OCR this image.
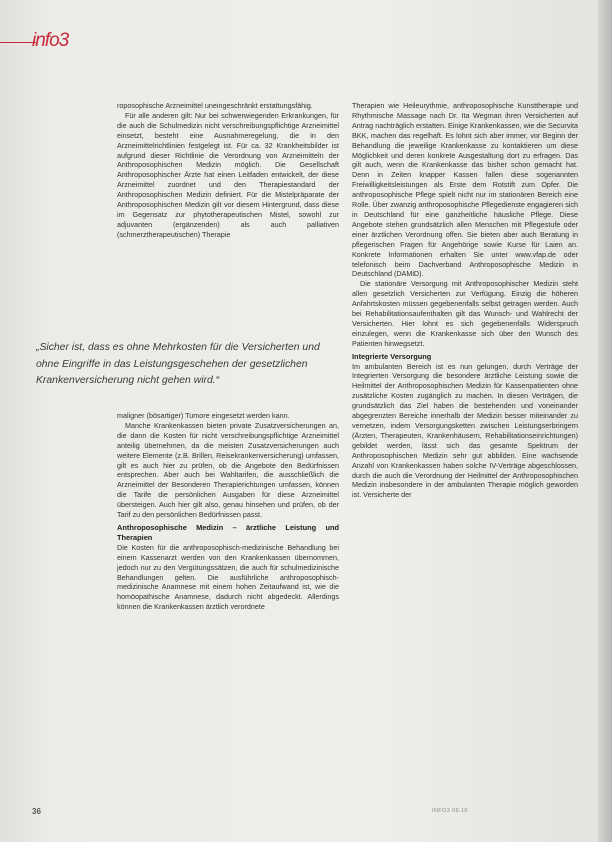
info3

roposophische Arzneimittel uneingeschränkt erstattungsfähig.

Für alle anderen gilt: Nur bei schwerwiegenden Erkrankungen, für die auch die Schulmedizin nicht verschreibungspflichtige Arzneimittel einsetzt, besteht eine Ausnahmeregelung, die in den Arzneimittelrichtlinien festgelegt ist. Für ca. 32 Krankheitsbilder ist aufgrund dieser Richtlinie die Verordnung von Arzneimitteln der Anthroposophischen Medizin möglich. Die Gesellschaft Anthroposophischer Ärzte hat einen Leitfaden entwickelt, der diese Arzneimittel zuordnet und den Therapiestandard der Anthroposophischen Medizin definiert. Für die Mistelpräparate der Anthroposophischen Medizin gilt vor diesem Hintergrund, dass diese im Gegensatz zur phytotherapeutischen Mistel, sowohl zur adjuvanten (ergänzenden) als auch palliativen (schmerztherapeutischen) Therapie

„Sicher ist, dass es ohne Mehrkosten für die Versicherten und ohne Eingriffe in das Leistungsgeschehen der gesetzlichen Krankenversicherung nicht gehen wird.“

maligner (bösartiger) Tumore eingesetzt werden kann.

Manche Krankenkassen bieten private Zusatzversicherungen an, die dann die Kosten für nicht verschreibungspflichtige Arzneimittel anteilig übernehmen, da die meisten Zusatzversicherungen auch weitere Elemente (z.B. Brillen, Reisekrankenversicherung) umfassen, gilt es auch hier zu prüfen, ob die Angebote den Bedürfnissen entsprechen. Aber auch bei Wahltarifen, die ausschließlich die Arzneimittel der Besonderen Therapierichtungen umfassen, können die Tarife die persönlichen Ausgaben für diese Arzneimittel übersteigen. Auch hier gilt also, genau hinsehen und prüfen, ob der Tarif zu den persönlichen Bedürfnissen passt.

Anthroposophische Medizin – ärztliche Leistung und Therapien

Die Kosten für die anthroposophisch-medizinische Behandlung bei einem Kassenarzt werden von den Krankenkassen übernommen, jedoch nur zu den Vergütungssätzen, die auch für schulmedizinische Behandlungen gelten. Die ausführliche anthroposophisch-medizinische Anamnese mit einem hohen Zeitaufwand ist, wie die homöopathische Anamnese, dadurch nicht abgedeckt. Allerdings können die Krankenkassen ärztlich verordnete

Therapien wie Heileurythmie, anthroposophische Kunsttherapie und Rhythmische Massage nach Dr. Ita Wegman ihren Versicherten auf Antrag nachträglich erstatten. Einige Krankenkassen, wie die Securvita BKK, machen das regelhaft. Es lohnt sich aber immer, vor Beginn der Behandlung die jeweilige Krankenkasse zu kontaktieren um diese Möglichkeit und deren konkrete Ausgestaltung dort zu erfragen. Das gilt auch, wenn die Krankenkasse das bisher schon gemacht hat. Denn in Zeiten knapper Kassen fallen diese sogenannten Freiwilligkeitsleistungen als Erste dem Rotstift zum Opfer. Die anthroposophische Pflege spielt nicht nur im stationären Bereich eine Rolle. Über zwanzig anthroposophische Pflegedienste engagieren sich in Deutschland für eine ganzheitliche häusliche Pflege. Diese Angebote stehen grundsätzlich allen Menschen mit Pflegestufe oder einer ärztlichen Verordnung offen. Sie bieten aber auch Beratung in pflegerischen Fragen für Angehörige sowie Kurse für Laien an. Konkrete Informationen erhalten Sie unter www.vfap.de oder telefonisch beim Dachverband Anthroposophische Medizin in Deutschland (DAMiD).

Die stationäre Versorgung mit Anthroposophischer Medizin steht allen gesetzlich Versicherten zur Verfügung. Einzig die höheren Anfahrtskosten müssen gegebenenfalls selbst getragen werden. Auch bei Rehabilitationsaufenthalten gilt das Wunsch- und Wahlrecht der Versicherten. Hier lohnt es sich gegebenenfalls Widerspruch einzulegen, wenn die Krankenkasse sich über den Wunsch des Patienten hinwegsetzt.

Integrierte Versorgung

Im ambulanten Bereich ist es nun gelungen, durch Verträge der Integrierten Versorgung die besondere ärztliche Leistung sowie die Heilmittel der Anthroposophischen Medizin für Kassenpatienten ohne zusätzliche Kosten zugänglich zu machen. In diesen Verträgen, die grundsätzlich das Ziel haben die bestehenden und voneinander abgegrenzten Bereiche innerhalb der Medizin besser miteinander zu vernetzen, indem Versorgungsketten zwischen Leistungserbringern (Ärzten, Therapeuten, Krankenhäusern, Rehabilitationseinrichtungen) gebildet werden, lässt sich das gesamte Spektrum der Anthroposophischen Medizin sehr gut abbilden. Eine wachsende Anzahl von Krankenkassen haben solche IV-Verträge abgeschlossen, durch die auch die Verordnung der Heilmittel der Anthroposophischen Medizin insbesondere in der ambulanten Therapie möglich geworden ist. Versicherte der

36	INFO3 09.10
